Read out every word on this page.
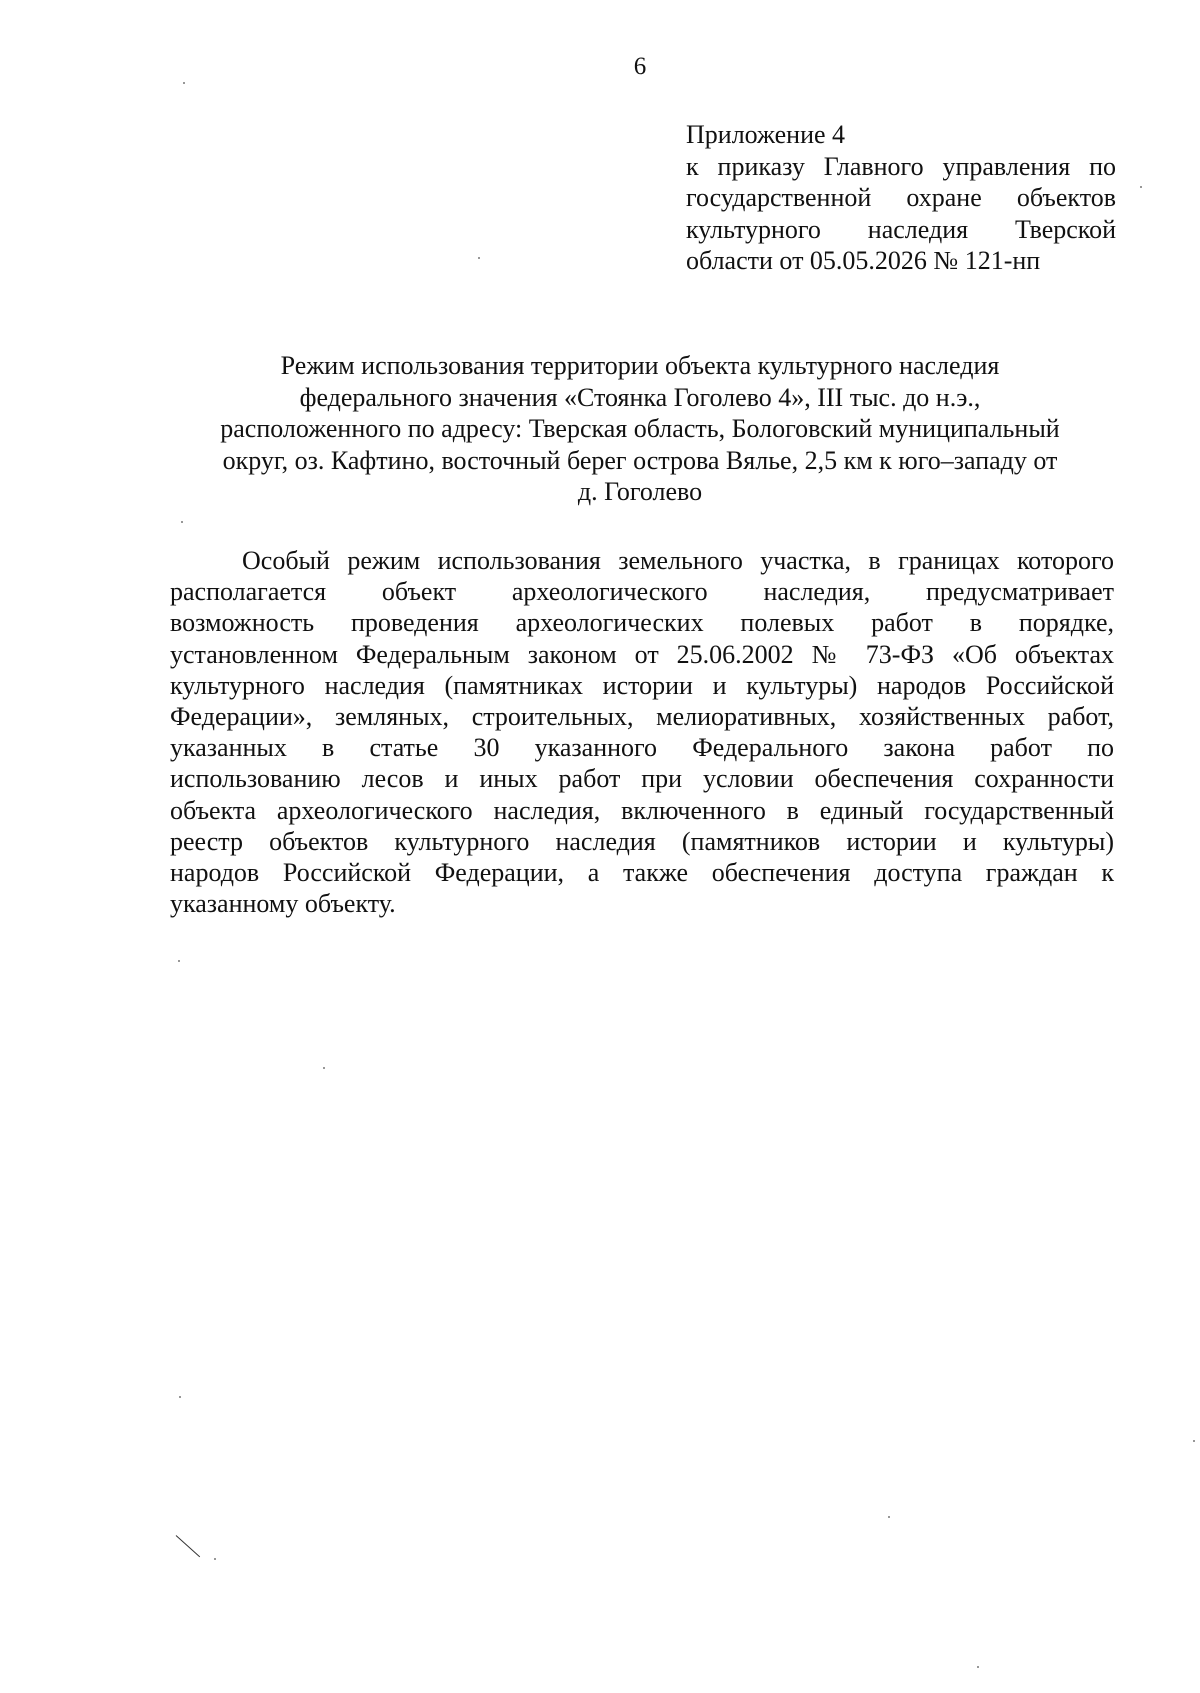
6
Приложение 4
к приказу Главного управления по
государственной охране объектов
культурного наследия Тверской
области от 05.05.2026 № 121-нп
Режим использования территории объекта культурного наследия
федерального значения «Стоянка Гоголево 4», III тыс. до н.э.,
расположенного по адресу: Тверская область, Бологовский муниципальный
округ, оз. Кафтино, восточный берег острова Вялье, 2,5 км к юго–западу от
д. Гоголево
Особый режим использования земельного участка, в границах которого
располагается объект археологического наследия, предусматривает
возможность проведения археологических полевых работ в порядке,
установленном Федеральным законом от 25.06.2002 № 73-ФЗ «Об объектах
культурного наследия (памятниках истории и культуры) народов Российской
Федерации», земляных, строительных, мелиоративных, хозяйственных работ,
указанных в статье 30 указанного Федерального закона работ по
использованию лесов и иных работ при условии обеспечения сохранности
объекта археологического наследия, включенного в единый государственный
реестр объектов культурного наследия (памятников истории и культуры)
народов Российской Федерации, а также обеспечения доступа граждан к
указанному объекту.
